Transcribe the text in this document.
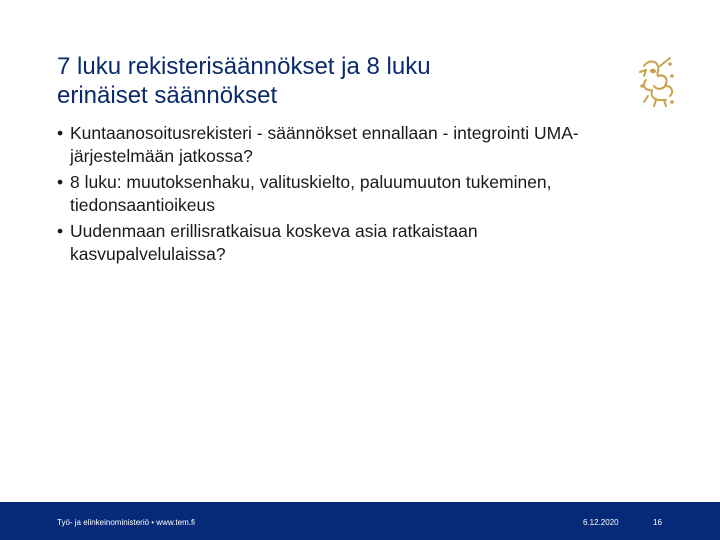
7 luku rekisterisäännökset ja 8 luku
erinäiset säännökset
• Kuntaanosoitusrekisteri - säännökset ennallaan - integrointi UMA-
järjestelmään jatkossa?
• 8 luku: muutoksenhaku, valituskielto, paluumuuton tukeminen,
tiedonsaantioikeus
• Uudenmaan erillisratkaisua koskeva asia ratkaistaan
kasvupalvelulaissa?
Työ- ja elinkeinoministeriö • www.tem.fi	6.12.2020	16
